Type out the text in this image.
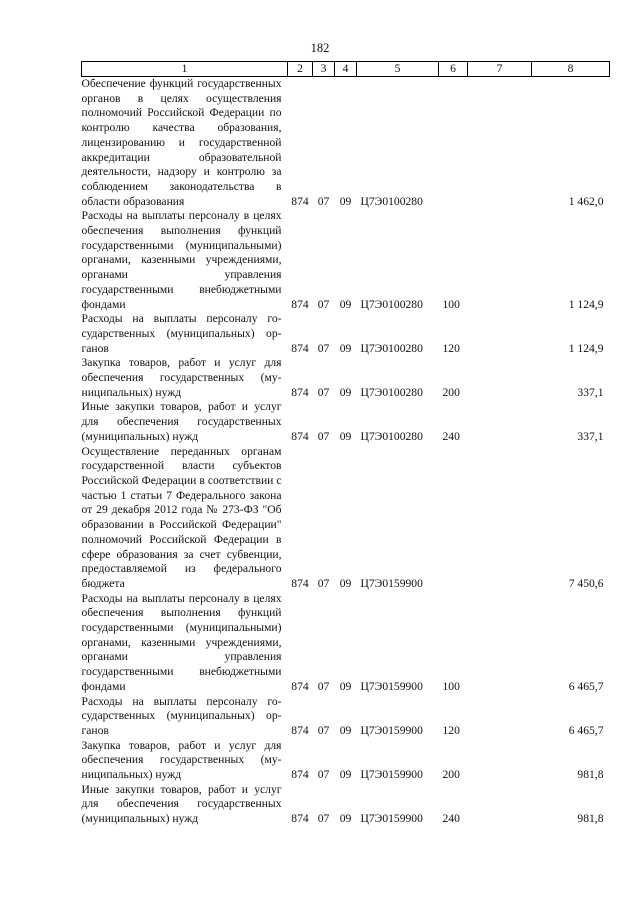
182
1	2	3	4	5	6	7	8
Обеспечение функций государственных органов в целях осуществления полномочий Российской Федерации по контролю качества образования, лицензированию и государственной аккредитации образовательной деятельности, надзору и контролю за соблюдением законодательства в области образования	874	07	09	Ц7Э0100280			1 462,0
Расходы на выплаты персоналу в целях обеспечения выполнения функций государственными (муниципальными) органами, казенными учреждениями, органами управления государственными внебюджетными фондами	874	07	09	Ц7Э0100280	100		1 124,9
Расходы на выплаты персоналу государственных (муниципальных) органов	874	07	09	Ц7Э0100280	120		1 124,9
Закупка товаров, работ и услуг для обеспечения государственных (муниципальных) нужд	874	07	09	Ц7Э0100280	200		337,1
Иные закупки товаров, работ и услуг для обеспечения государственных (муниципальных) нужд	874	07	09	Ц7Э0100280	240		337,1
Осуществление переданных органам государственной власти субъектов Российской Федерации в соответствии с частью 1 статьи 7 Федерального закона от 29 декабря 2012 года № 273-ФЗ "Об образовании в Российской Федерации" полномочий Российской Федерации в сфере образования за счет субвенции, предоставляемой из федерального бюджета	874	07	09	Ц7Э0159900			7 450,6
Расходы на выплаты персоналу в целях обеспечения выполнения функций государственными (муниципальными) органами, казенными учреждениями, органами управления государственными внебюджетными фондами	874	07	09	Ц7Э0159900	100		6 465,7
Расходы на выплаты персоналу государственных (муниципальных) органов	874	07	09	Ц7Э0159900	120		6 465,7
Закупка товаров, работ и услуг для обеспечения государственных (муниципальных) нужд	874	07	09	Ц7Э0159900	200		981,8
Иные закупки товаров, работ и услуг для обеспечения государственных (муниципальных) нужд	874	07	09	Ц7Э0159900	240		981,8
